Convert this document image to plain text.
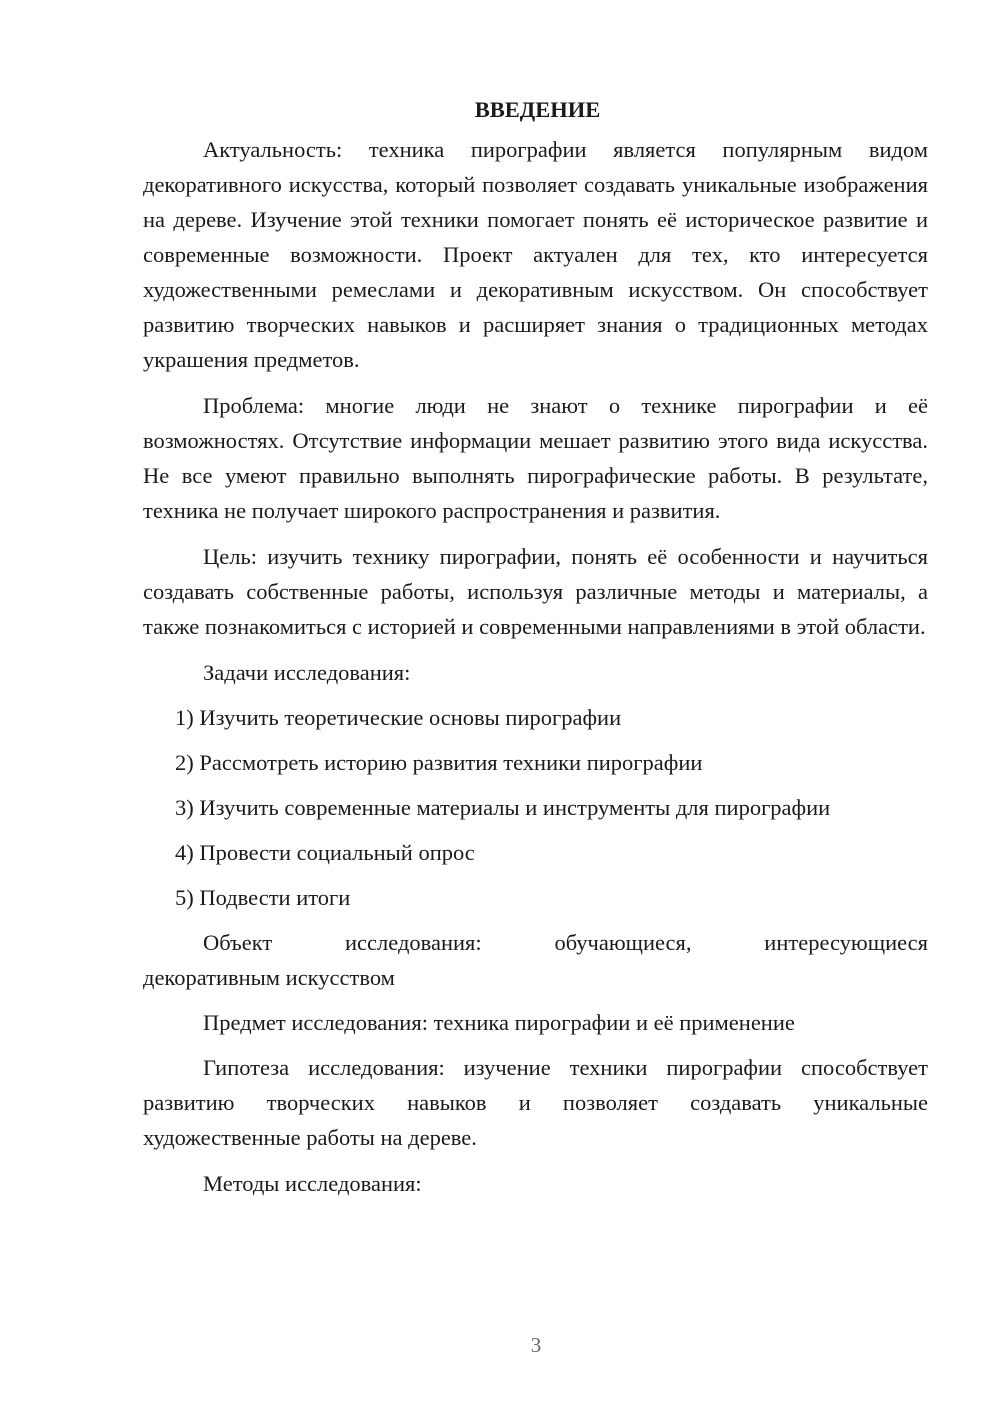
ВВЕДЕНИЕ

Актуальность: техника пирографии является популярным видом декоративного искусства, который позволяет создавать уникальные изображения на дереве. Изучение этой техники помогает понять её историческое развитие и современные возможности. Проект актуален для тех, кто интересуется художественными ремеслами и декоративным искусством. Он способствует развитию творческих навыков и расширяет знания о традиционных методах украшения предметов.

Проблема: многие люди не знают о технике пирографии и её возможностях. Отсутствие информации мешает развитию этого вида искусства. Не все умеют правильно выполнять пирографические работы. В результате, техника не получает широкого распространения и развития.

Цель: изучить технику пирографии, понять её особенности и научиться создавать собственные работы, используя различные методы и материалы, а также познакомиться с историей и современными направлениями в этой области.

Задачи исследования:
1) Изучить теоретические основы пирографии
2) Рассмотреть историю развития техники пирографии
3) Изучить современные материалы и инструменты для пирографии
4) Провести социальный опрос
5) Подвести итоги
Объект	исследования:	обучающиеся,	интересующиеся
декоративным искусством
Предмет исследования: техника пирографии и её применение

Гипотеза исследования: изучение техники пирографии способствует развитию творческих навыков и позволяет создавать уникальные художественные работы на дереве.

Методы исследования:
3
